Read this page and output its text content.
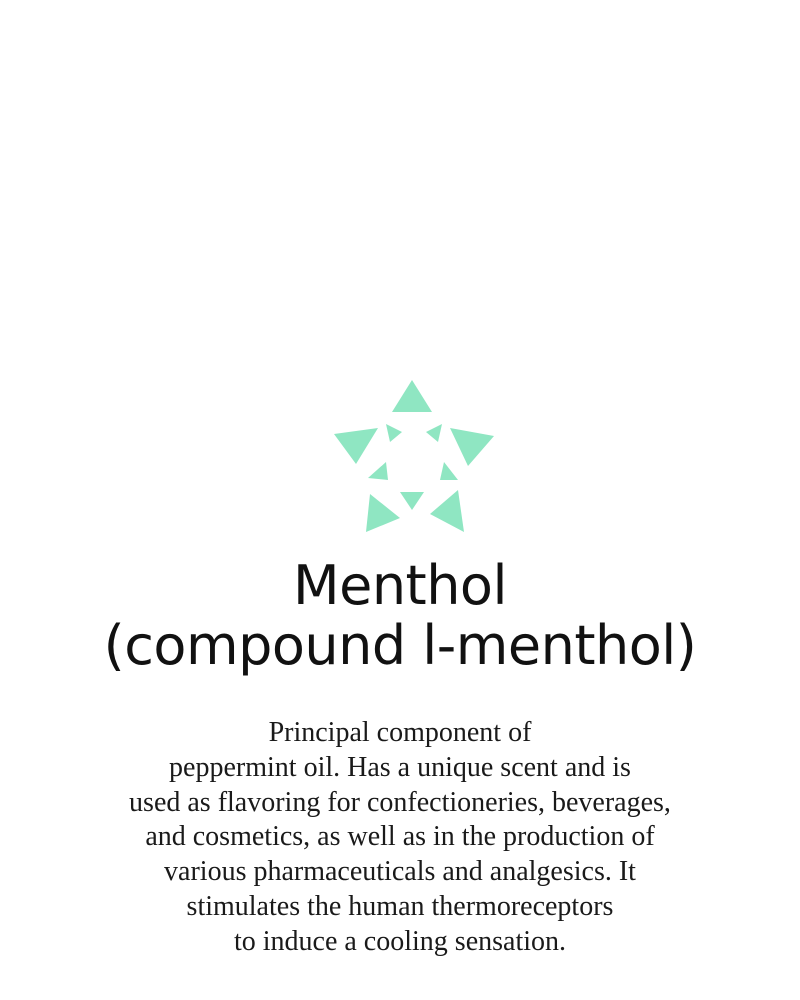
Menthol
(compound l-menthol)
Principal component of
peppermint oil. Has a unique scent and is
used as flavoring for confectioneries, beverages,
and cosmetics, as well as in the production of
various pharmaceuticals and analgesics. It
stimulates the human thermoreceptors
to induce a cooling sensation.
